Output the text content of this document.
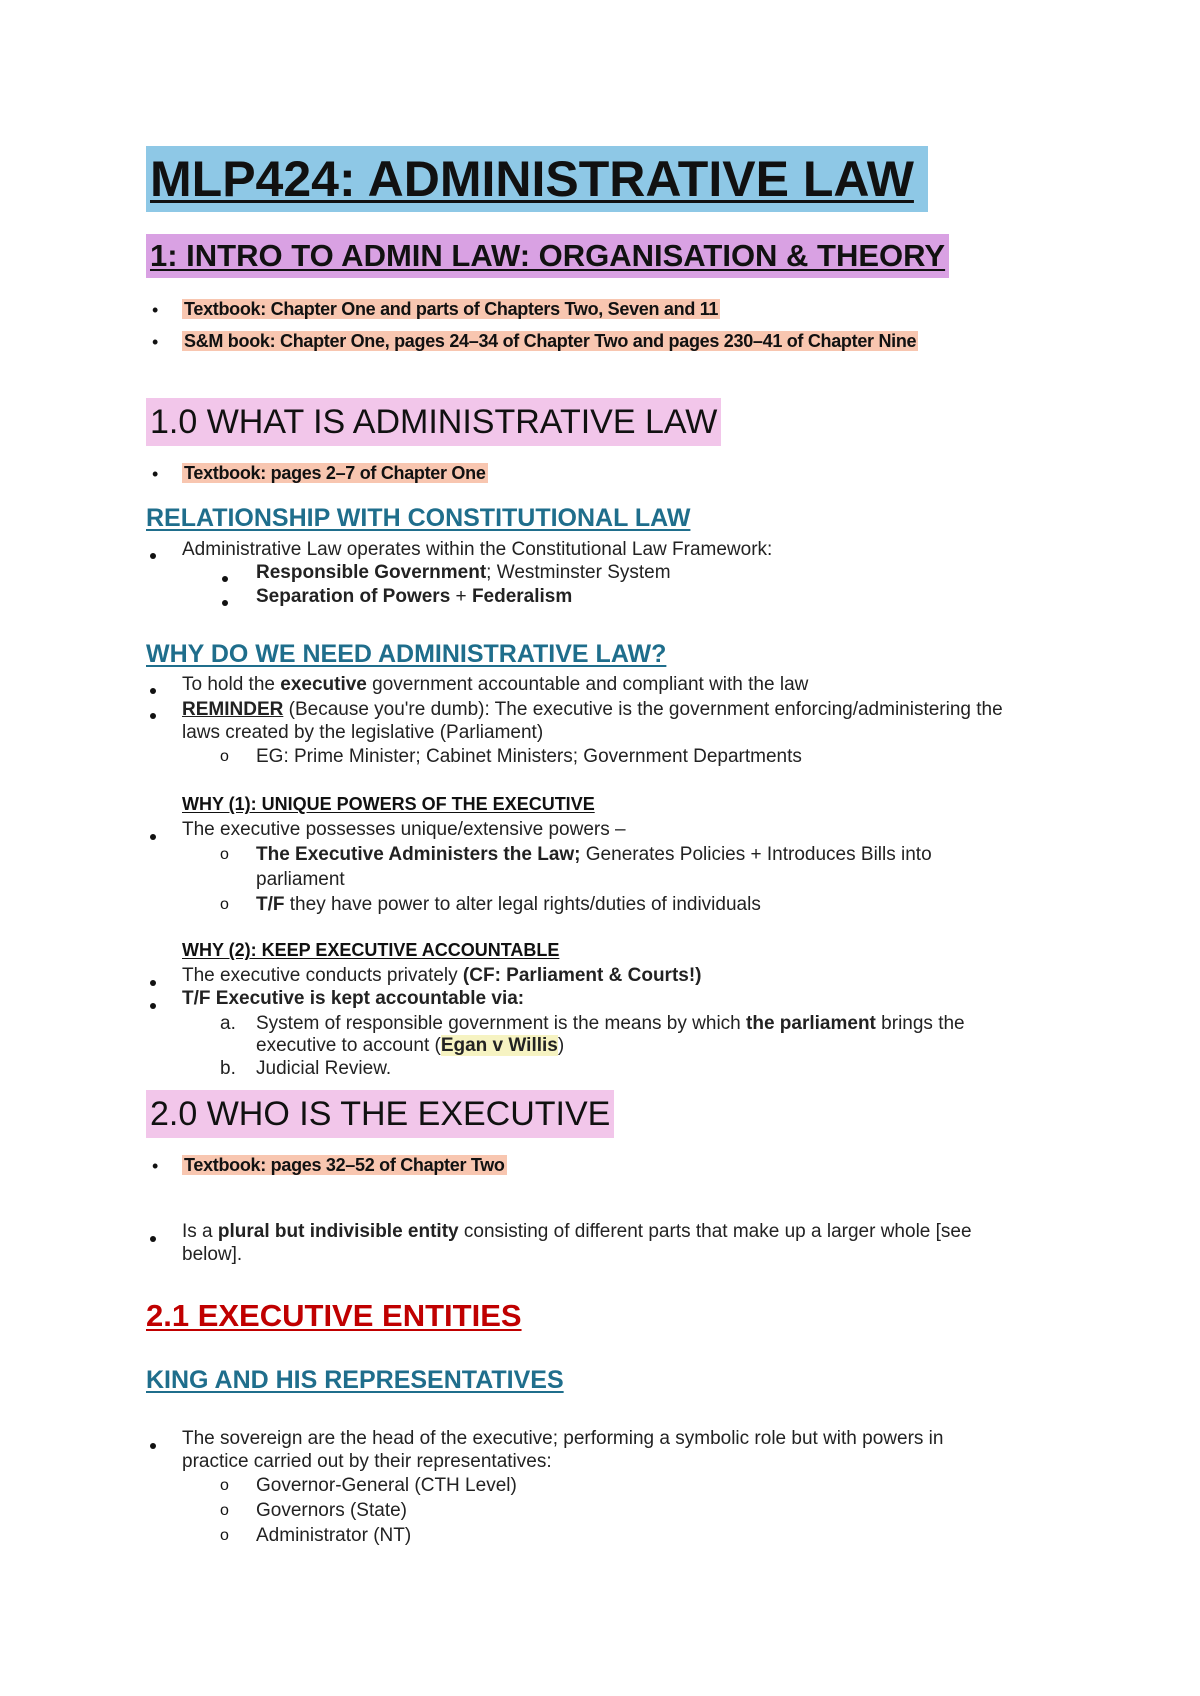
MLP424: ADMINISTRATIVE LAW
1: INTRO TO ADMIN LAW: ORGANISATION & THEORY
• Textbook: Chapter One and parts of Chapters Two, Seven and 11
• S&M book: Chapter One, pages 24–34 of Chapter Two and pages 230–41 of Chapter Nine
1.0 WHAT IS ADMINISTRATIVE LAW
• Textbook: pages 2–7 of Chapter One
RELATIONSHIP WITH CONSTITUTIONAL LAW
Administrative Law operates within the Constitutional Law Framework:
Responsible Government; Westminster System
Separation of Powers + Federalism
WHY DO WE NEED ADMINISTRATIVE LAW?
To hold the executive government accountable and compliant with the law
REMINDER (Because you're dumb): The executive is the government enforcing/administering the
laws created by the legislative (Parliament)
o EG: Prime Minister; Cabinet Ministers; Government Departments
WHY (1): UNIQUE POWERS OF THE EXECUTIVE
The executive possesses unique/extensive powers –
o The Executive Administers the Law; Generates Policies + Introduces Bills into
parliament
o T/F they have power to alter legal rights/duties of individuals
WHY (2): KEEP EXECUTIVE ACCOUNTABLE
The executive conducts privately (CF: Parliament & Courts!)
T/F Executive is kept accountable via:
a. System of responsible government is the means by which the parliament brings the
executive to account (Egan v Willis)
b. Judicial Review.
2.0 WHO IS THE EXECUTIVE
• Textbook: pages 32–52 of Chapter Two
Is a plural but indivisible entity consisting of different parts that make up a larger whole [see
below].
2.1 EXECUTIVE ENTITIES
KING AND HIS REPRESENTATIVES
The sovereign are the head of the executive; performing a symbolic role but with powers in
practice carried out by their representatives:
o Governor-General (CTH Level)
o Governors (State)
o Administrator (NT)
